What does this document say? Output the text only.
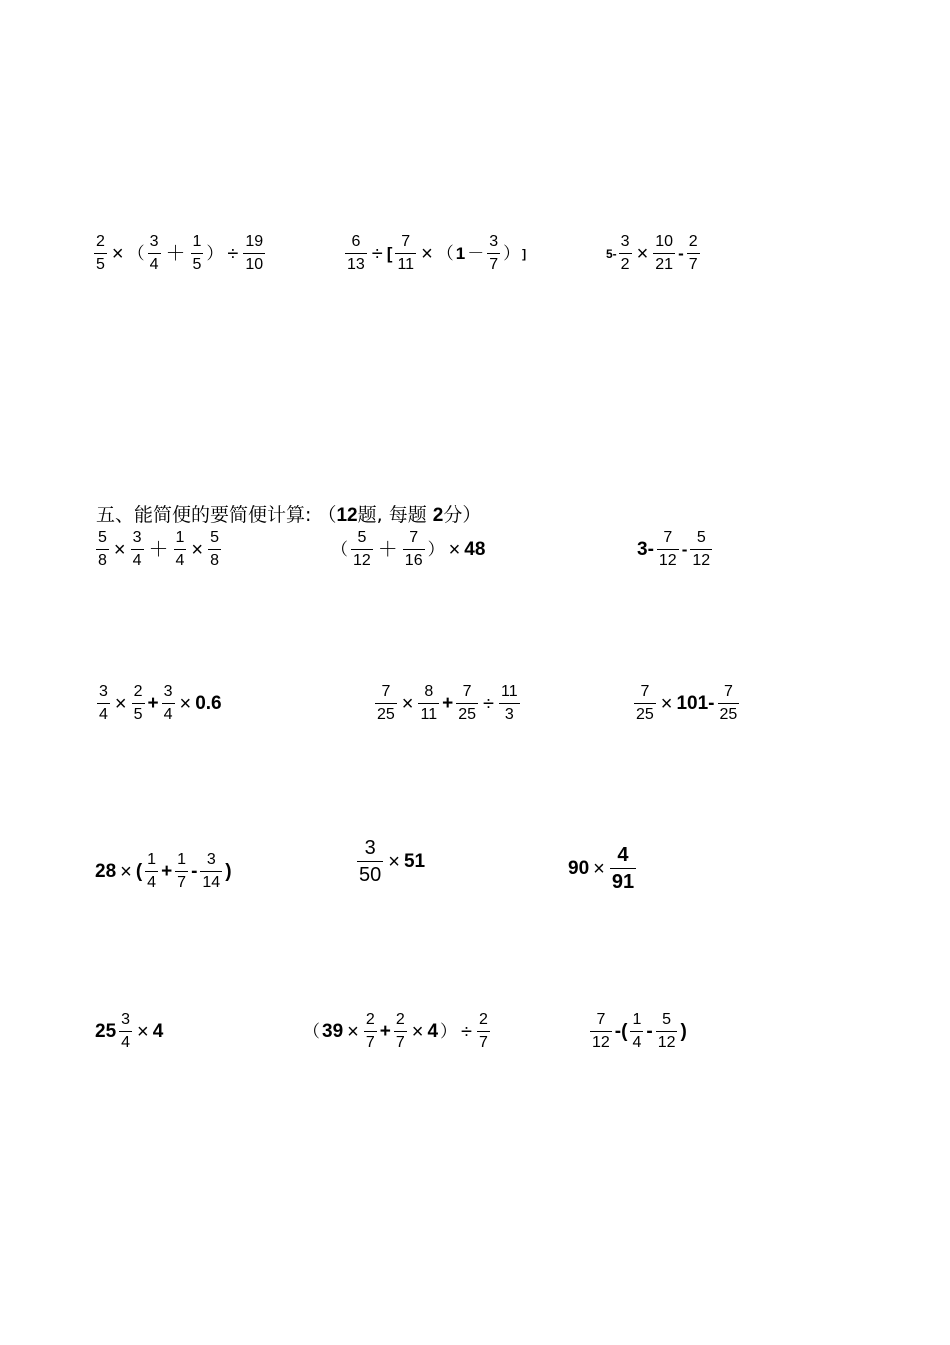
$\frac{2}{5}$ × （
3
4 ＋
1
5
） ÷ $\frac{19}{10}$	$\frac{6}{13}$ ÷ [ $\frac{7}{11}$ × （ 1 －
3
7
） ]	$5- \frac{3}{2} \times \frac{10}{21}$ -
2
7
五、能简便的要简便计算: （12题, 每题 2分）
$\frac{5}{8} \times \frac{3}{4} + \frac{1}{4} \times \frac{5}{8}$	（
5
12 ＋
7
16
） × 48	3-
7
12
-
5
12
$\frac{3}{4} \times \frac{2}{5} + \frac{3}{4} \times 0.6$	$\frac{7}{25} \times \frac{8}{11} + \frac{7}{25} \div \frac{11}{3}$	$\frac{7}{25} \times 101-$
7
25
28 × (
1
4
+ $\frac{1}{7}$ -
3
14
)	$\frac{3}{50} \times 51$	$90 \times \frac{4}{91}$
$25 \frac{3}{4} \times 4$	（ $39 \times \frac{2}{7} + \frac{2}{7} \times 4$ ） ÷ $\frac{2}{7}$	7
12
-(
1
4
-
5
12
)
